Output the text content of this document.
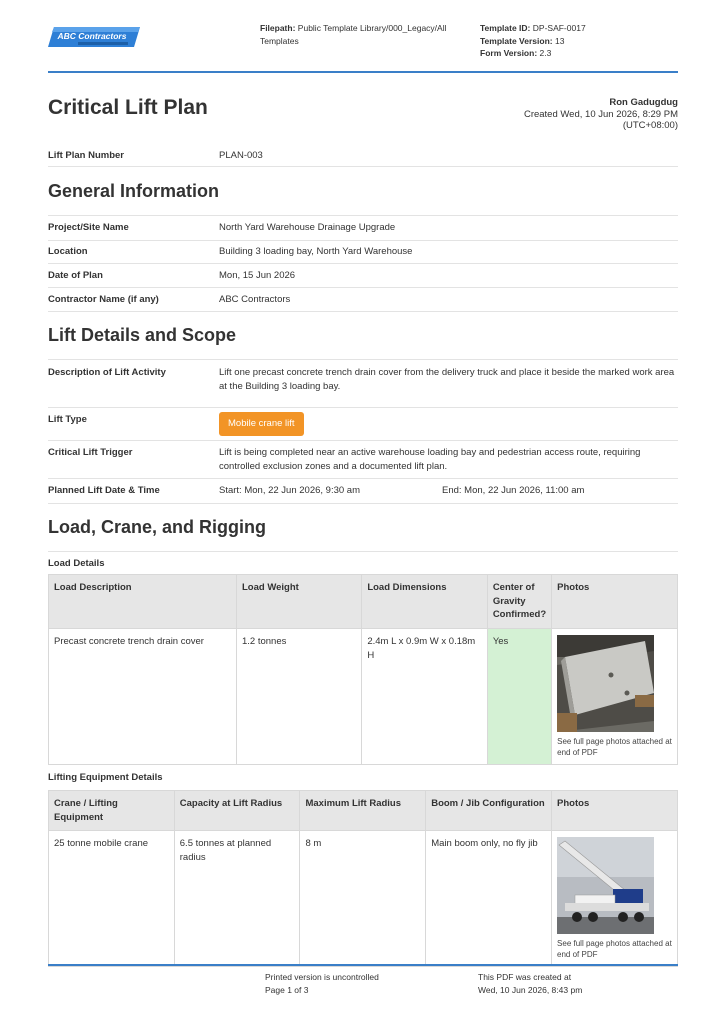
ABC Contractors
Filepath: Public Template Library/000_Legacy/All Templates
Template ID: DP-SAF-0017
Template Version: 13
Form Version: 2.3
Critical Lift Plan	Ron Gadugdug
Created Wed, 10 Jun 2026, 8:29 PM
(UTC+08:00)
Lift Plan Number	PLAN-003
General Information
Project/Site Name	North Yard Warehouse Drainage Upgrade
Location	Building 3 loading bay, North Yard Warehouse
Date of Plan	Mon, 15 Jun 2026
Contractor Name (if any)	ABC Contractors
Lift Details and Scope
Description of Lift Activity	Lift one precast concrete trench drain cover from the delivery truck and place it beside the marked work area at the Building 3 loading bay.
Lift Type	Mobile crane lift
Critical Lift Trigger	Lift is being completed near an active warehouse loading bay and pedestrian access route, requiring controlled exclusion zones and a documented lift plan.
Planned Lift Date & Time	Start: Mon, 22 Jun 2026, 9:30 am	End: Mon, 22 Jun 2026, 11:00 am
Load, Crane, and Rigging
Load Details
Load Description	Load Weight	Load Dimensions	Center of Gravity Confirmed?	Photos
Precast concrete trench drain cover	1.2 tonnes	2.4m L x 0.9m W x 0.18m H	Yes	See full page photos attached at end of PDF
Lifting Equipment Details
Crane / Lifting Equipment	Capacity at Lift Radius	Maximum Lift Radius	Boom / Jib Configuration	Photos
25 tonne mobile crane	6.5 tonnes at planned radius	8 m	Main boom only, no fly jib	See full page photos attached at end of PDF
Printed version is uncontrolled
Page 1 of 3
This PDF was created at
Wed, 10 Jun 2026, 8:43 pm
